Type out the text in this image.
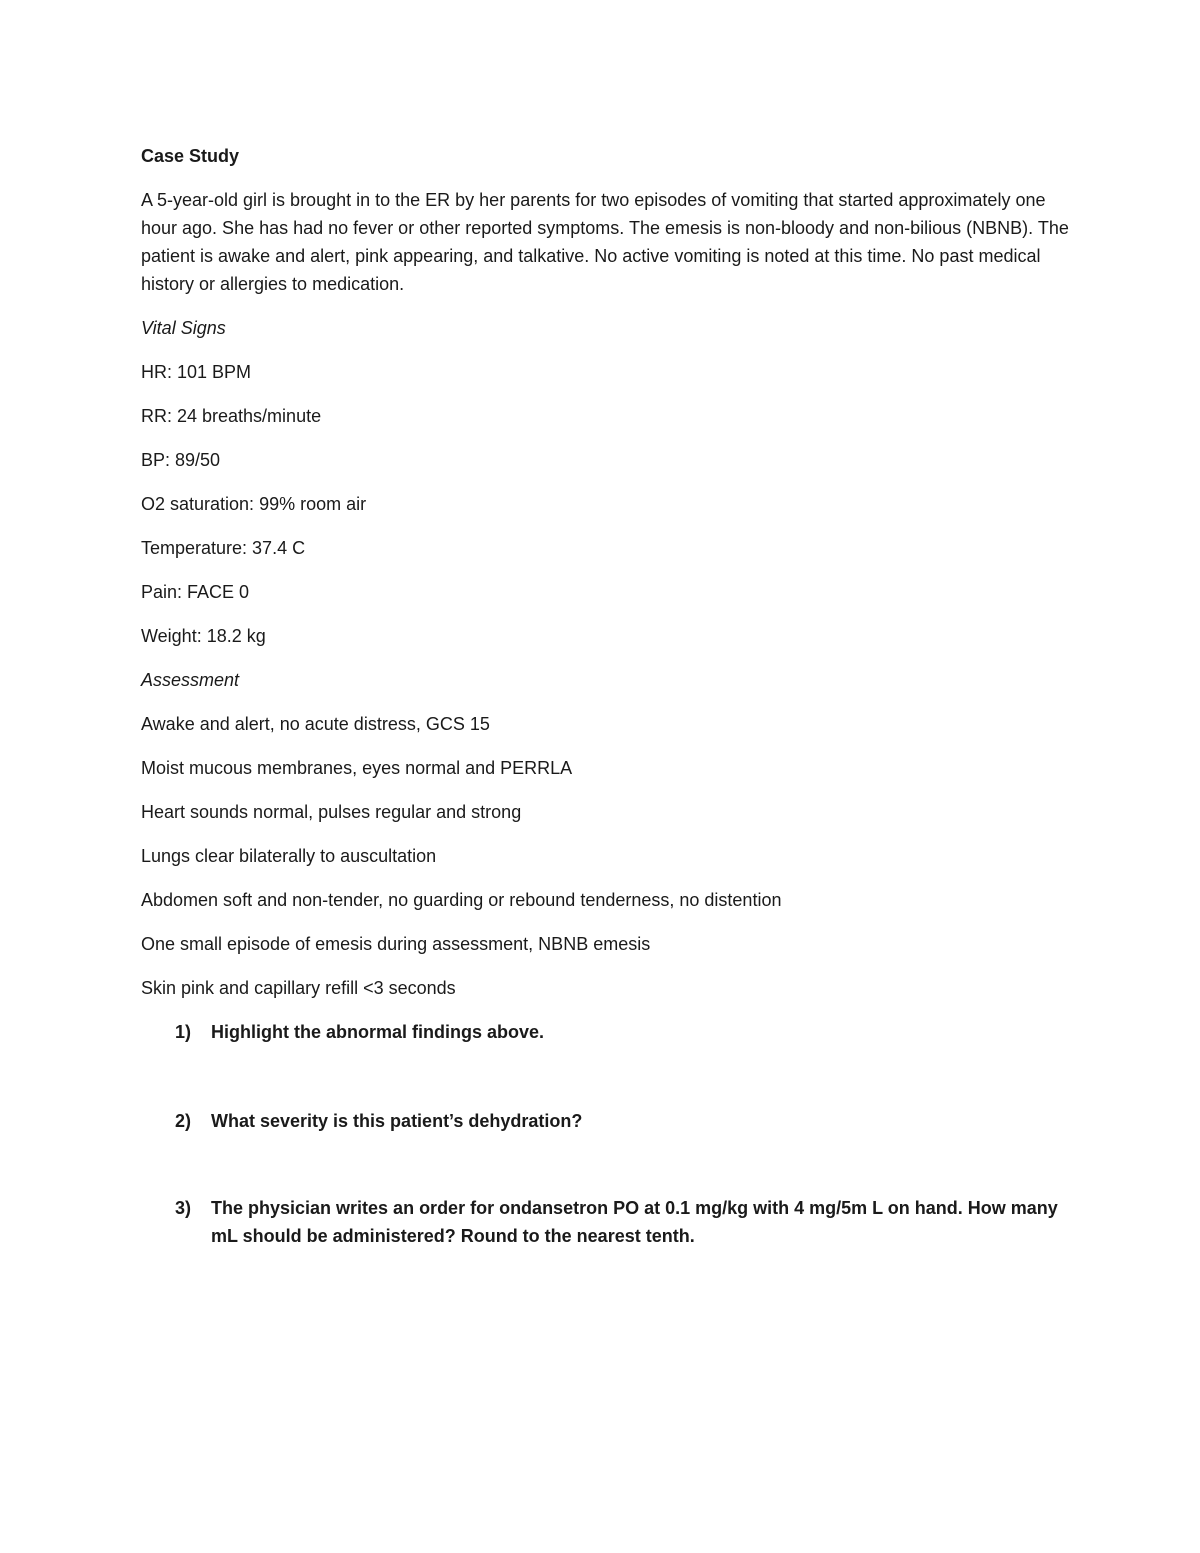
Case Study
A 5-year-old girl is brought in to the ER by her parents for two episodes of vomiting that started approximately one hour ago. She has had no fever or other reported symptoms. The emesis is non-bloody and non-bilious (NBNB). The patient is awake and alert, pink appearing, and talkative. No active vomiting is noted at this time. No past medical history or allergies to medication.
Vital Signs
HR: 101 BPM
RR: 24 breaths/minute
BP: 89/50
O2 saturation: 99% room air
Temperature: 37.4 C
Pain: FACE 0
Weight: 18.2 kg
Assessment
Awake and alert, no acute distress, GCS 15
Moist mucous membranes, eyes normal and PERRLA
Heart sounds normal, pulses regular and strong
Lungs clear bilaterally to auscultation
Abdomen soft and non-tender, no guarding or rebound tenderness, no distention
One small episode of emesis during assessment, NBNB emesis
Skin pink and capillary refill <3 seconds
1) Highlight the abnormal findings above.
2) What severity is this patient’s dehydration?
3) The physician writes an order for ondansetron PO at 0.1 mg/kg with 4 mg/5m L on hand. How many mL should be administered? Round to the nearest tenth.
